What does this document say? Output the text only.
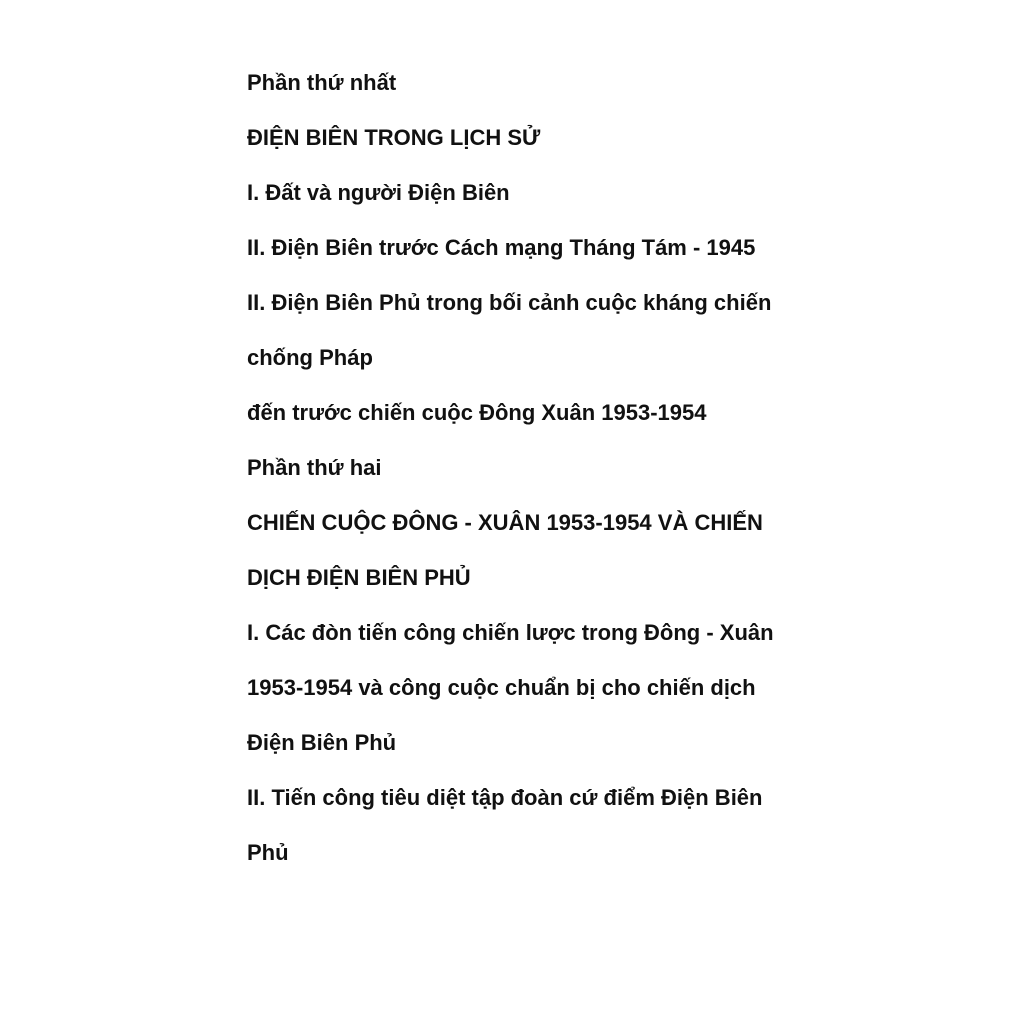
Phần thứ nhất

ĐIỆN BIÊN TRONG LỊCH SỬ

I. Đất và người Điện Biên

II. Điện Biên trước Cách mạng Tháng Tám - 1945

II. Điện Biên Phủ trong bối cảnh cuộc kháng chiến

chống Pháp

đến trước chiến cuộc Đông Xuân 1953-1954

Phần thứ hai

CHIẾN CUỘC ĐÔNG - XUÂN 1953-1954 VÀ CHIẾN

DỊCH ĐIỆN BIÊN PHỦ

I. Các đòn tiến công chiến lược trong Đông - Xuân

1953-1954 và công cuộc chuẩn bị cho chiến dịch

Điện Biên Phủ

II. Tiến công tiêu diệt tập đoàn cứ điểm Điện Biên

Phủ
